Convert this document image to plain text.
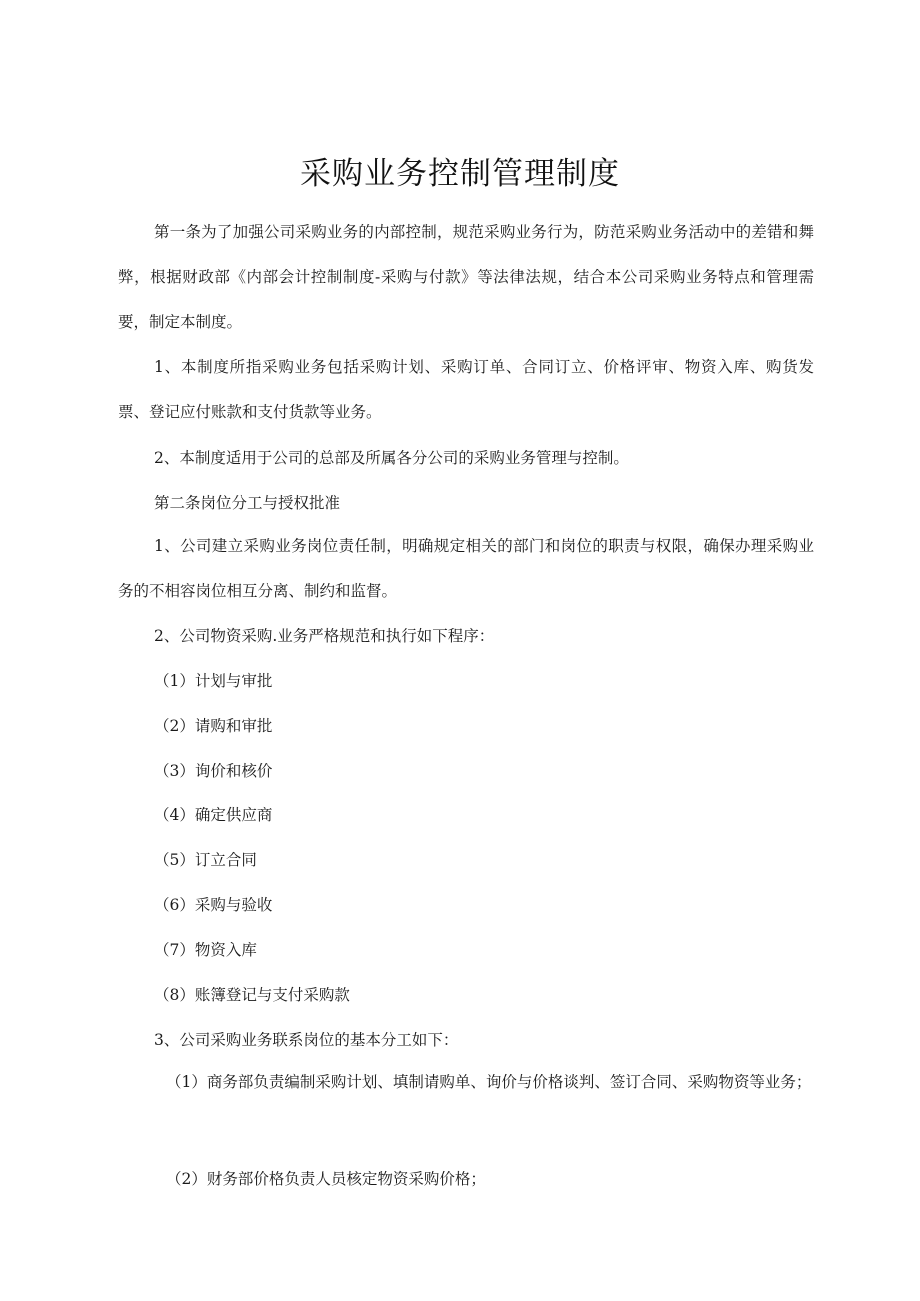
采购业务控制管理制度

第一条为了加强公司采购业务的内部控制，规范采购业务行为，防范采购业务活动中的差错和舞弊，根据财政部《内部会计控制制度-采购与付款》等法律法规，结合本公司采购业务特点和管理需要，制定本制度。

1、本制度所指采购业务包括采购计划、采购订单、合同订立、价格评审、物资入库、购货发票、登记应付账款和支付货款等业务。

2、本制度适用于公司的总部及所属各分公司的采购业务管理与控制。

第二条岗位分工与授权批准

1、公司建立采购业务岗位责任制，明确规定相关的部门和岗位的职责与权限，确保办理采购业务的不相容岗位相互分离、制约和监督。

2、公司物资采购.业务严格规范和执行如下程序：

（1）计划与审批

（2）请购和审批

（3）询价和核价

（4）确定供应商

（5）订立合同

（6）采购与验收

（7）物资入库

（8）账簿登记与支付采购款

3、公司采购业务联系岗位的基本分工如下：

（1）商务部负责编制采购计划、填制请购单、询价与价格谈判、签订合同、采购物资等业务；

（2）财务部价格负责人员核定物资采购价格；
